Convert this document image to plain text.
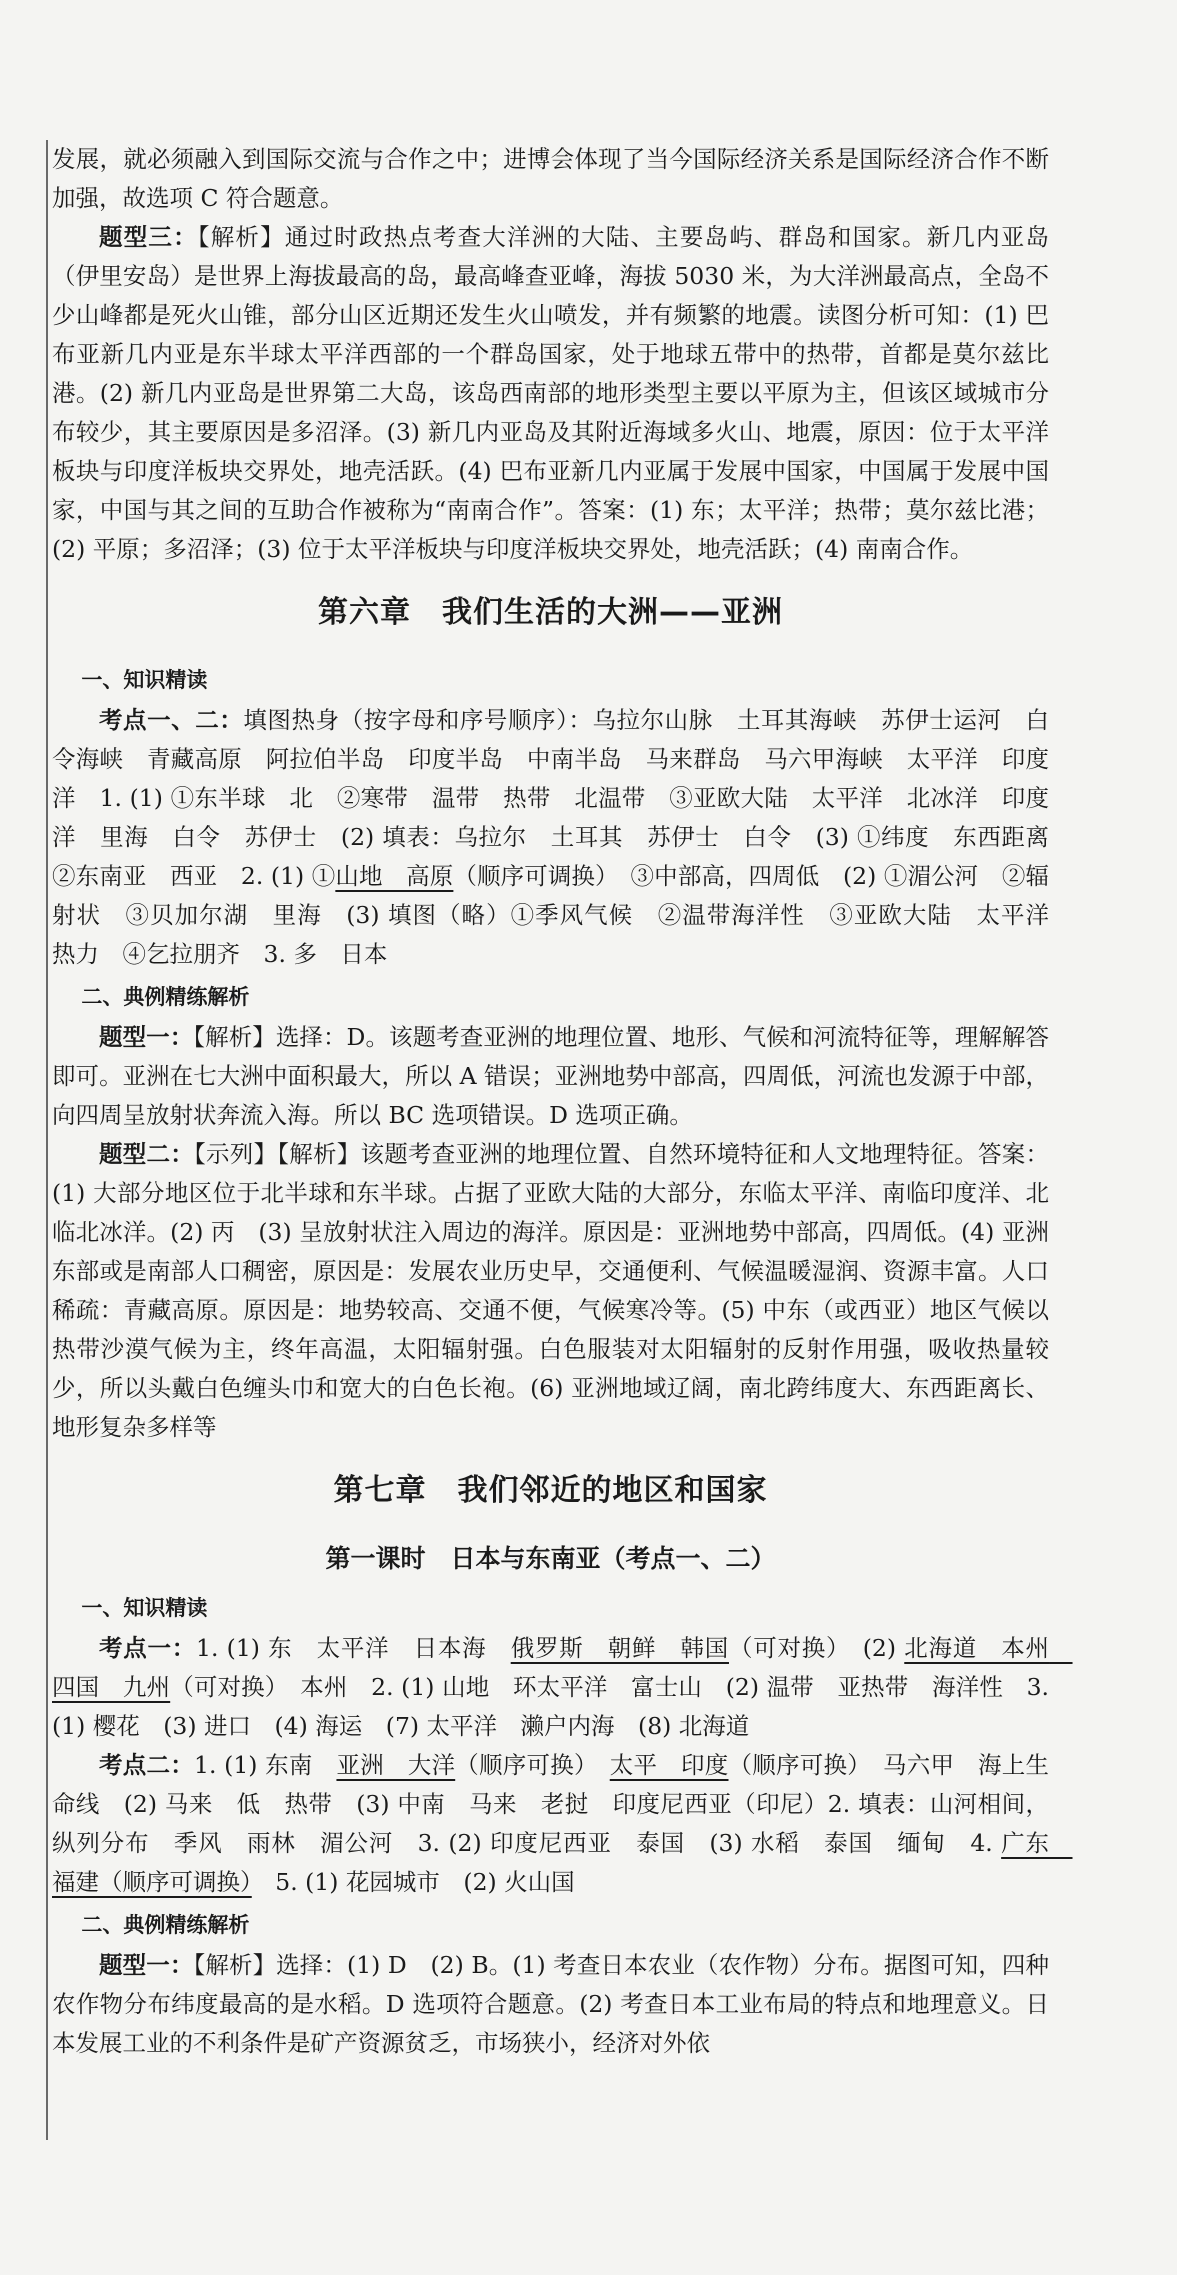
发展，就必须融入到国际交流与合作之中；进博会体现了当今国际经济关系是国际经济合作不断加强，故选项 C 符合题意。

题型三：【解析】通过时政热点考查大洋洲的大陆、主要岛屿、群岛和国家。新几内亚岛（伊里安岛）是世界上海拔最高的岛，最高峰查亚峰，海拔 5030 米，为大洋洲最高点，全岛不少山峰都是死火山锥，部分山区近期还发生火山喷发，并有频繁的地震。读图分析可知：(1) 巴布亚新几内亚是东半球太平洋西部的一个群岛国家，处于地球五带中的热带，首都是莫尔兹比港。(2) 新几内亚岛是世界第二大岛，该岛西南部的地形类型主要以平原为主，但该区域城市分布较少，其主要原因是多沼泽。(3) 新几内亚岛及其附近海域多火山、地震，原因：位于太平洋板块与印度洋板块交界处，地壳活跃。(4) 巴布亚新几内亚属于发展中国家，中国属于发展中国家，中国与其之间的互助合作被称为“南南合作”。答案：(1) 东；太平洋；热带；莫尔兹比港；(2) 平原；多沼泽；(3) 位于太平洋板块与印度洋板块交界处，地壳活跃；(4) 南南合作。

第六章　我们生活的大洲——亚洲
一、知识精读

考点一、二：填图热身（按字母和序号顺序）：乌拉尔山脉　土耳其海峡　苏伊士运河　白令海峡　青藏高原　阿拉伯半岛　印度半岛　中南半岛　马来群岛　马六甲海峡　太平洋　印度洋　1. (1) ①东半球　北　②寒带　温带　热带　北温带　③亚欧大陆　太平洋　北冰洋　印度洋　里海　白令　苏伊士　(2) 填表：乌拉尔　土耳其　苏伊士　白令　(3) ①纬度　东西距离　②东南亚　西亚　2. (1) ①山地　高原（顺序可调换）　③中部高，四周低　(2) ①湄公河　②辐射状　③贝加尔湖　里海　(3) 填图（略）①季风气候　②温带海洋性　③亚欧大陆　太平洋　热力　④乞拉朋齐　3. 多　日本

二、典例精练解析

题型一：【解析】选择：D。该题考查亚洲的地理位置、地形、气候和河流特征等，理解解答即可。亚洲在七大洲中面积最大，所以 A 错误；亚洲地势中部高，四周低，河流也发源于中部，向四周呈放射状奔流入海。所以 BC 选项错误。D 选项正确。

题型二：【示列】【解析】该题考查亚洲的地理位置、自然环境特征和人文地理特征。答案：(1) 大部分地区位于北半球和东半球。占据了亚欧大陆的大部分，东临太平洋、南临印度洋、北临北冰洋。(2) 丙　(3) 呈放射状注入周边的海洋。原因是：亚洲地势中部高，四周低。(4) 亚洲东部或是南部人口稠密，原因是：发展农业历史早，交通便利、气候温暖湿润、资源丰富。人口稀疏：青藏高原。原因是：地势较高、交通不便，气候寒冷等。(5) 中东（或西亚）地区气候以热带沙漠气候为主，终年高温，太阳辐射强。白色服装对太阳辐射的反射作用强，吸收热量较少，所以头戴白色缠头巾和宽大的白色长袍。(6) 亚洲地域辽阔，南北跨纬度大、东西距离长、地形复杂多样等

第七章　我们邻近的地区和国家
第一课时　日本与东南亚（考点一、二）
一、知识精读

考点一：1. (1) 东　太平洋　日本海　俄罗斯　朝鲜　韩国（可对换）　(2) 北海道　本州　四国　九州（可对换）　本州　2. (1) 山地　环太平洋　富士山　(2) 温带　亚热带　海洋性　3. (1) 樱花　(3) 进口　(4) 海运　(7) 太平洋　濑户内海　(8) 北海道

考点二：1. (1) 东南　亚洲　大洋（顺序可换）　太平　印度（顺序可换）　马六甲　海上生命线　(2) 马来　低　热带　(3) 中南　马来　老挝　印度尼西亚（印尼）2. 填表：山河相间，纵列分布　季风　雨林　湄公河　3. (2) 印度尼西亚　泰国　(3) 水稻　泰国　缅甸　4. 广东　福建（顺序可调换）　5. (1) 花园城市　(2) 火山国

二、典例精练解析

题型一：【解析】选择：(1) D　(2) B。(1) 考查日本农业（农作物）分布。据图可知，四种农作物分布纬度最高的是水稻。D 选项符合题意。(2) 考查日本工业布局的特点和地理意义。日本发展工业的不利条件是矿产资源贫乏，市场狭小，经济对外依
